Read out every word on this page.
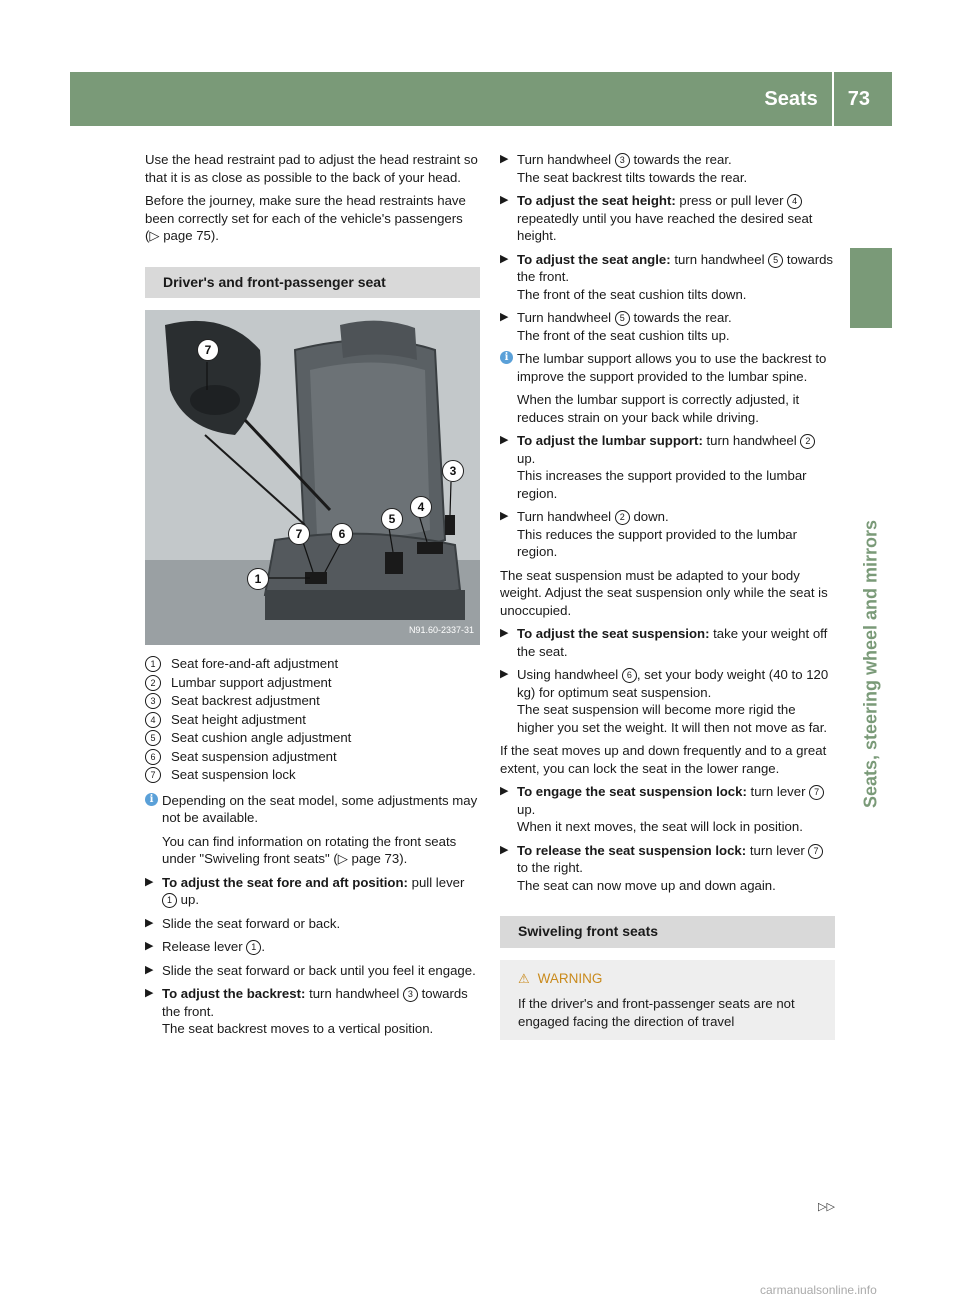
Seats	73
Seats, steering wheel and mirrors

Use the head restraint pad to adjust the head restraint so that it is as close as possible to the back of your head.

Before the journey, make sure the head restraints have been correctly set for each of the vehicle's passengers (▷ page 75).

Driver's and front-passenger seat
7
3
4
5
7	6
1
N91.60-2337-31
1	Seat fore-and-aft adjustment
2	Lumbar support adjustment
3	Seat backrest adjustment
4	Seat height adjustment
5	Seat cushion angle adjustment
6	Seat suspension adjustment
7	Seat suspension lock
i Depending on the seat model, some adjustments may not be available.

You can find information on rotating the front seats under "Swiveling front seats" (▷ page 73).

▶ To adjust the seat fore and aft position: pull lever 1 up.
▶ Slide the seat forward or back.
▶ Release lever 1 .
▶ Slide the seat forward or back until you feel it engage.
▶ To adjust the backrest: turn handwheel 3 towards the front.
The seat backrest moves to a vertical position.
▶ Turn handwheel 3 towards the rear.
The seat backrest tilts towards the rear.
▶ To adjust the seat height: press or pull lever 4 repeatedly until you have reached the desired seat height.
▶ To adjust the seat angle: turn handwheel 5 towards the front.
The front of the seat cushion tilts down.
▶ Turn handwheel 5 towards the rear.
The front of the seat cushion tilts up.
i The lumbar support allows you to use the backrest to improve the support provided to the lumbar spine.

When the lumbar support is correctly adjusted, it reduces strain on your back while driving.

▶ To adjust the lumbar support: turn handwheel 2 up.
This increases the support provided to the lumbar region.
▶ Turn handwheel 2 down.
This reduces the support provided to the lumbar region.

The seat suspension must be adapted to your body weight. Adjust the seat suspension only while the seat is unoccupied.

▶ To adjust the seat suspension: take your weight off the seat.
▶ Using handwheel 6 , set your body weight (40 to 120 kg) for optimum seat suspension.
The seat suspension will become more rigid the higher you set the weight. It will then not move as far.

If the seat moves up and down frequently and to a great extent, you can lock the seat in the lower range.

▶ To engage the seat suspension lock: turn lever 7 up.
When it next moves, the seat will lock in position.
▶ To release the seat suspension lock: turn lever 7 to the right.
The seat can now move up and down again.
Swiveling front seats
⚠ WARNING
If the driver's and front-passenger seats are not engaged facing the direction of travel
▷▷
carmanualsonline.info
